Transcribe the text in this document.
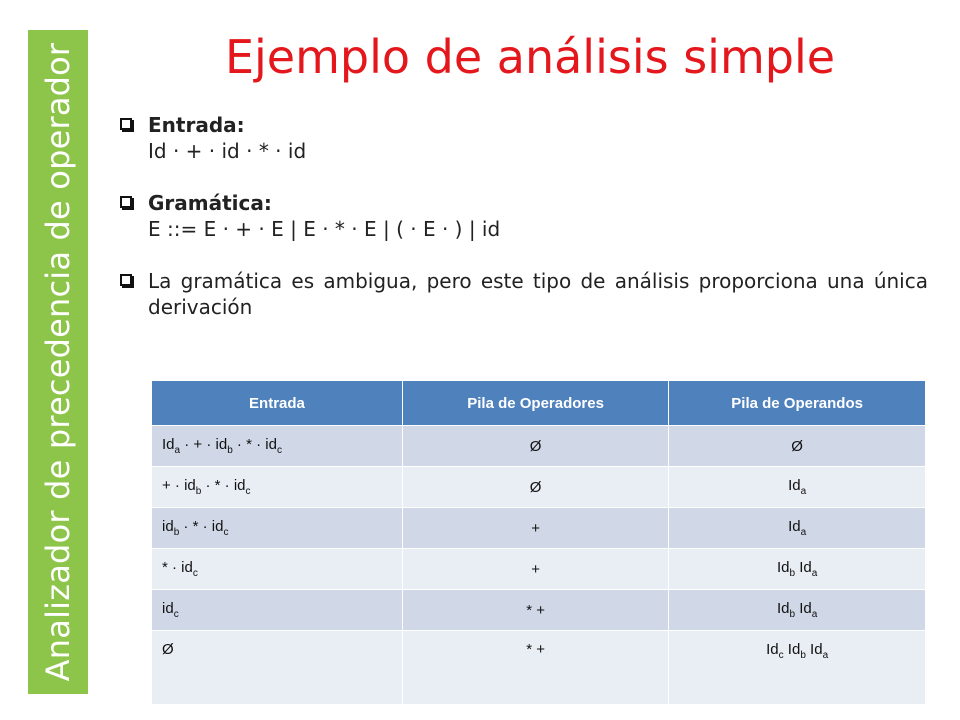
Analizador de precedencia de operador	Ejemplo de análisis simple
Entrada:
Id · + · id · * · id
Gramática:
E ::= E · + · E | E · * · E | ( · E · ) | id
La gramática es ambigua, pero este tipo de análisis proporciona una única derivación
Entrada	Pila de Operadores	Pila de Operandos
$Id_a$ · + · $id_b$ · * · $id_c$	Ø	Ø
+ · $id_b$ · * · $id_c$	Ø	$Id_a$
$id_b$ · * · $id_c$	+	$Id_a$
* · $id_c$	+	$Id_b$ $Id_a$
$id_c$	* +	$Id_b$ $Id_a$
Ø	* +	$Id_c$ $Id_b$ $Id_a$
